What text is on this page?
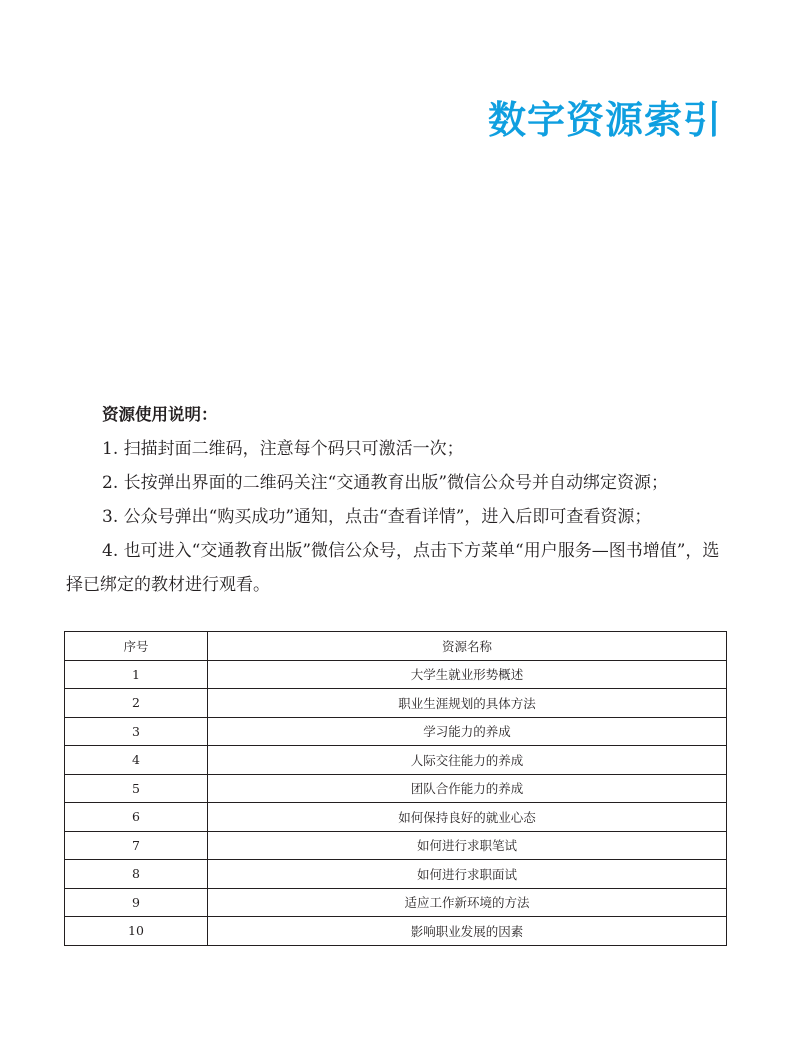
数字资源索引
资源使用说明：
1. 扫描封面二维码，注意每个码只可激活一次；
2. 长按弹出界面的二维码关注“交通教育出版”微信公众号并自动绑定资源；
3. 公众号弹出“购买成功”通知，点击“查看详情”，进入后即可查看资源；
4. 也可进入“交通教育出版”微信公众号，点击下方菜单“用户服务—图书增值”，选择已绑定的教材进行观看。
序号	资源名称
1	大学生就业形势概述
2	职业生涯规划的具体方法
3	学习能力的养成
4	人际交往能力的养成
5	团队合作能力的养成
6	如何保持良好的就业心态
7	如何进行求职笔试
8	如何进行求职面试
9	适应工作新环境的方法
10	影响职业发展的因素
